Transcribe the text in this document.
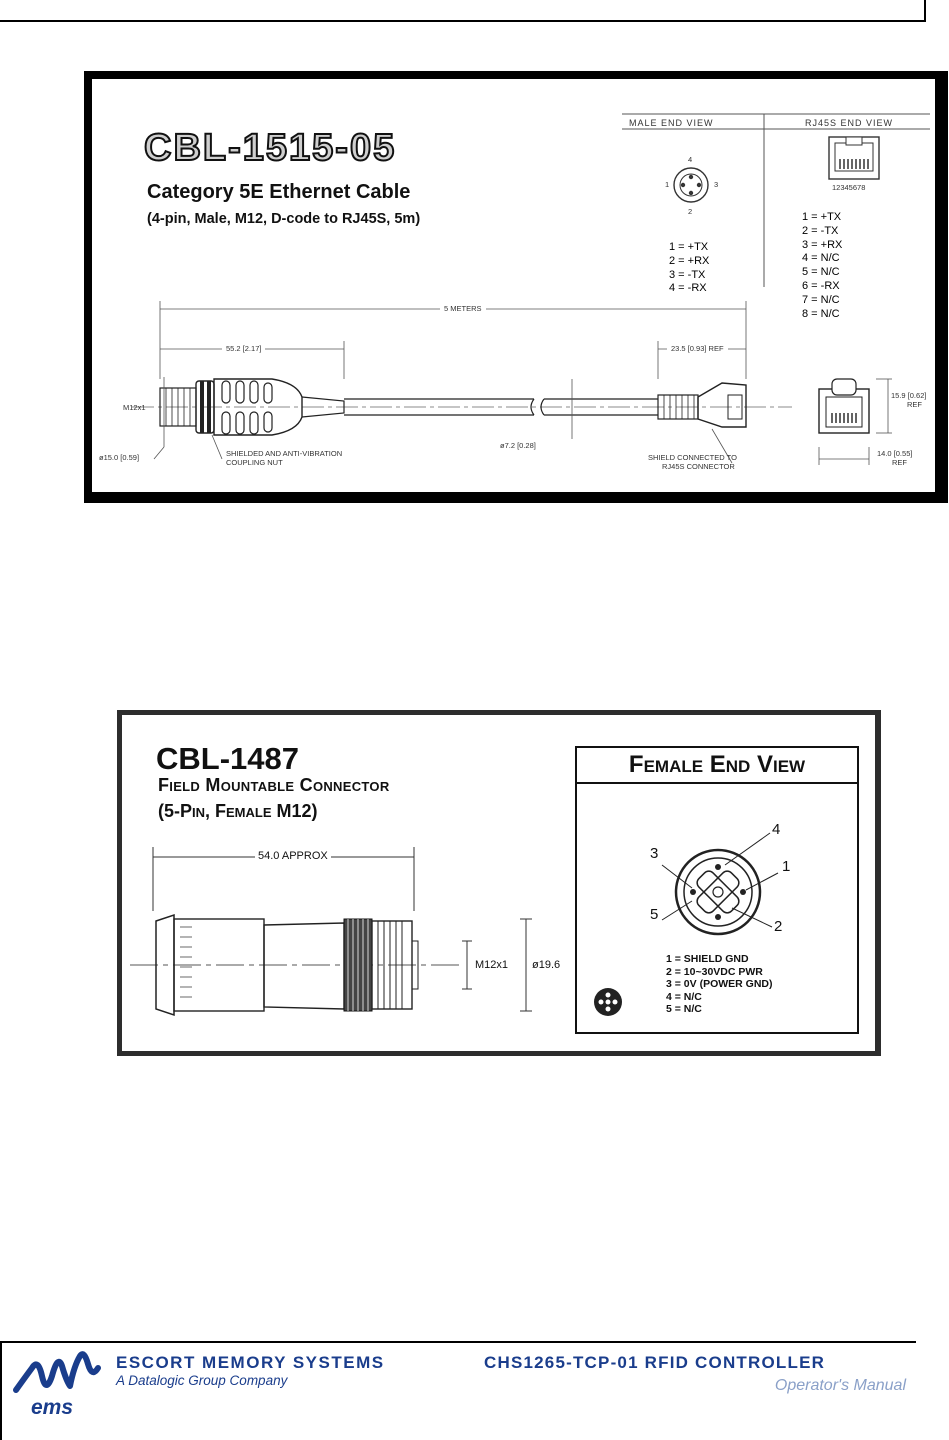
CBL-1515-05
Category 5E Ethernet Cable
(4-pin, Male, M12, D-code to RJ45S, 5m)
MALE END VIEW	RJ45S END VIEW
4
2
1	3	12345678
1 = +TX
2 = +RX
3 = -TX
4 = -RX
1 = +TX
2 = -TX
3 = +RX
4 = N/C
5 = N/C
6 = -RX
7 = N/C
8 = N/C
5 METERS
55.2 [2.17]	23.5 [0.93] REF
M12x1
ø15.0 [0.59]
ø7.2 [0.28]
SHIELDED AND ANTI-VIBRATION
COUPLING NUT
SHIELD CONNECTED TO
RJ45S CONNECTOR
15.9 [0.62]
REF
14.0 [0.55]
REF
CBL-1487
Field Mountable Connector
(5-Pin, Female M12)
54.0 APPROX
M12x1 ø19.6
Female End View
4
1
3
5
2
1 = SHIELD GND
2 = 10~30VDC PWR
3 = 0V (POWER GND)
4 = N/C
5 = N/C
ems
ESCORT MEMORY SYSTEMS
A Datalogic Group Company
CHS1265-TCP-01 RFID CONTROLLER
Operator's Manual
